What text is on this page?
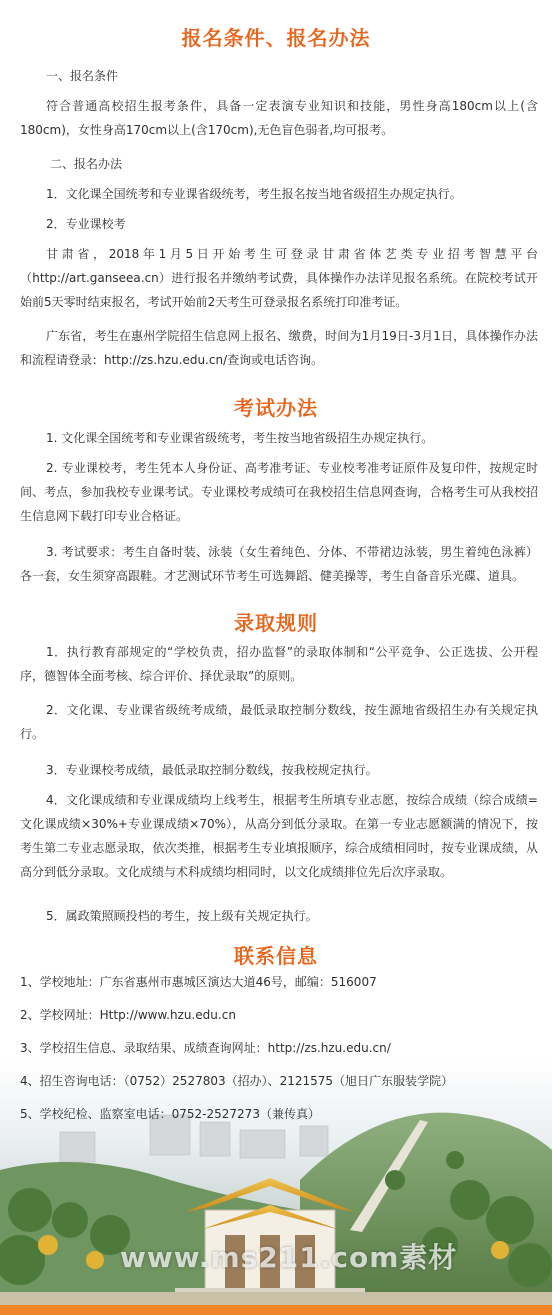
报名条件、报名办法
一、报名条件
符合普通高校招生报考条件，具备一定表演专业知识和技能，男性身高180cm以上(含180cm)，女性身高170cm以上(含170cm),无色盲色弱者,均可报考。
二、报名办法
1．文化课全国统考和专业课省级统考，考生报名按当地省级招生办规定执行。
2．专业课校考
甘肃省，2018年1月5日开始考生可登录甘肃省体艺类专业招考智慧平台（http://art.ganseea.cn）进行报名并缴纳考试费，具体操作办法详见报名系统。在院校考试开始前5天零时结束报名，考试开始前2天考生可登录报名系统打印准考证。
广东省，考生在惠州学院招生信息网上报名、缴费，时间为1月19日-3月1日，具体操作办法和流程请登录：http://zs.hzu.edu.cn/查询或电话咨询。
考试办法
1. 文化课全国统考和专业课省级统考，考生按当地省级招生办规定执行。
2. 专业课校考，考生凭本人身份证、高考准考证、专业校考准考证原件及复印件，按规定时间、考点，参加我校专业课考试。专业课校考成绩可在我校招生信息网查询，合格考生可从我校招生信息网下载打印专业合格证。
3. 考试要求：考生自备时装、泳装（女生着纯色、分体、不带裙边泳装，男生着纯色泳裤）各一套，女生须穿高跟鞋。才艺测试环节考生可选舞蹈、健美操等，考生自备音乐光碟、道具。
录取规则
1．执行教育部规定的“学校负责，招办监督”的录取体制和“公平竞争、公正选拔、公开程序，德智体全面考核、综合评价、择优录取”的原则。
2．文化课、专业课省级统考成绩，最低录取控制分数线，按生源地省级招生办有关规定执行。
3．专业课校考成绩，最低录取控制分数线，按我校规定执行。
4．文化课成绩和专业课成绩均上线考生，根据考生所填专业志愿，按综合成绩（综合成绩=文化课成绩×30%+专业课成绩×70%），从高分到低分录取。在第一专业志愿额满的情况下，按考生第二专业志愿录取，依次类推，根据考生专业填报顺序，综合成绩相同时，按专业课成绩，从高分到低分录取。文化成绩与术科成绩均相同时，以文化成绩排位先后次序录取。
5．属政策照顾投档的考生，按上级有关规定执行。
联系信息
1、学校地址：广东省惠州市惠城区演达大道46号，邮编：516007
2、学校网址：Http://www.hzu.edu.cn
3、学校招生信息、录取结果、成绩查询网址：http://zs.hzu.edu.cn/
4、招生咨询电话：（0752）2527803（招办）、2121575（旭日广东服装学院）
5、学校纪检、监察室电话：0752-2527273（兼传真）
www.ms211.com素材
